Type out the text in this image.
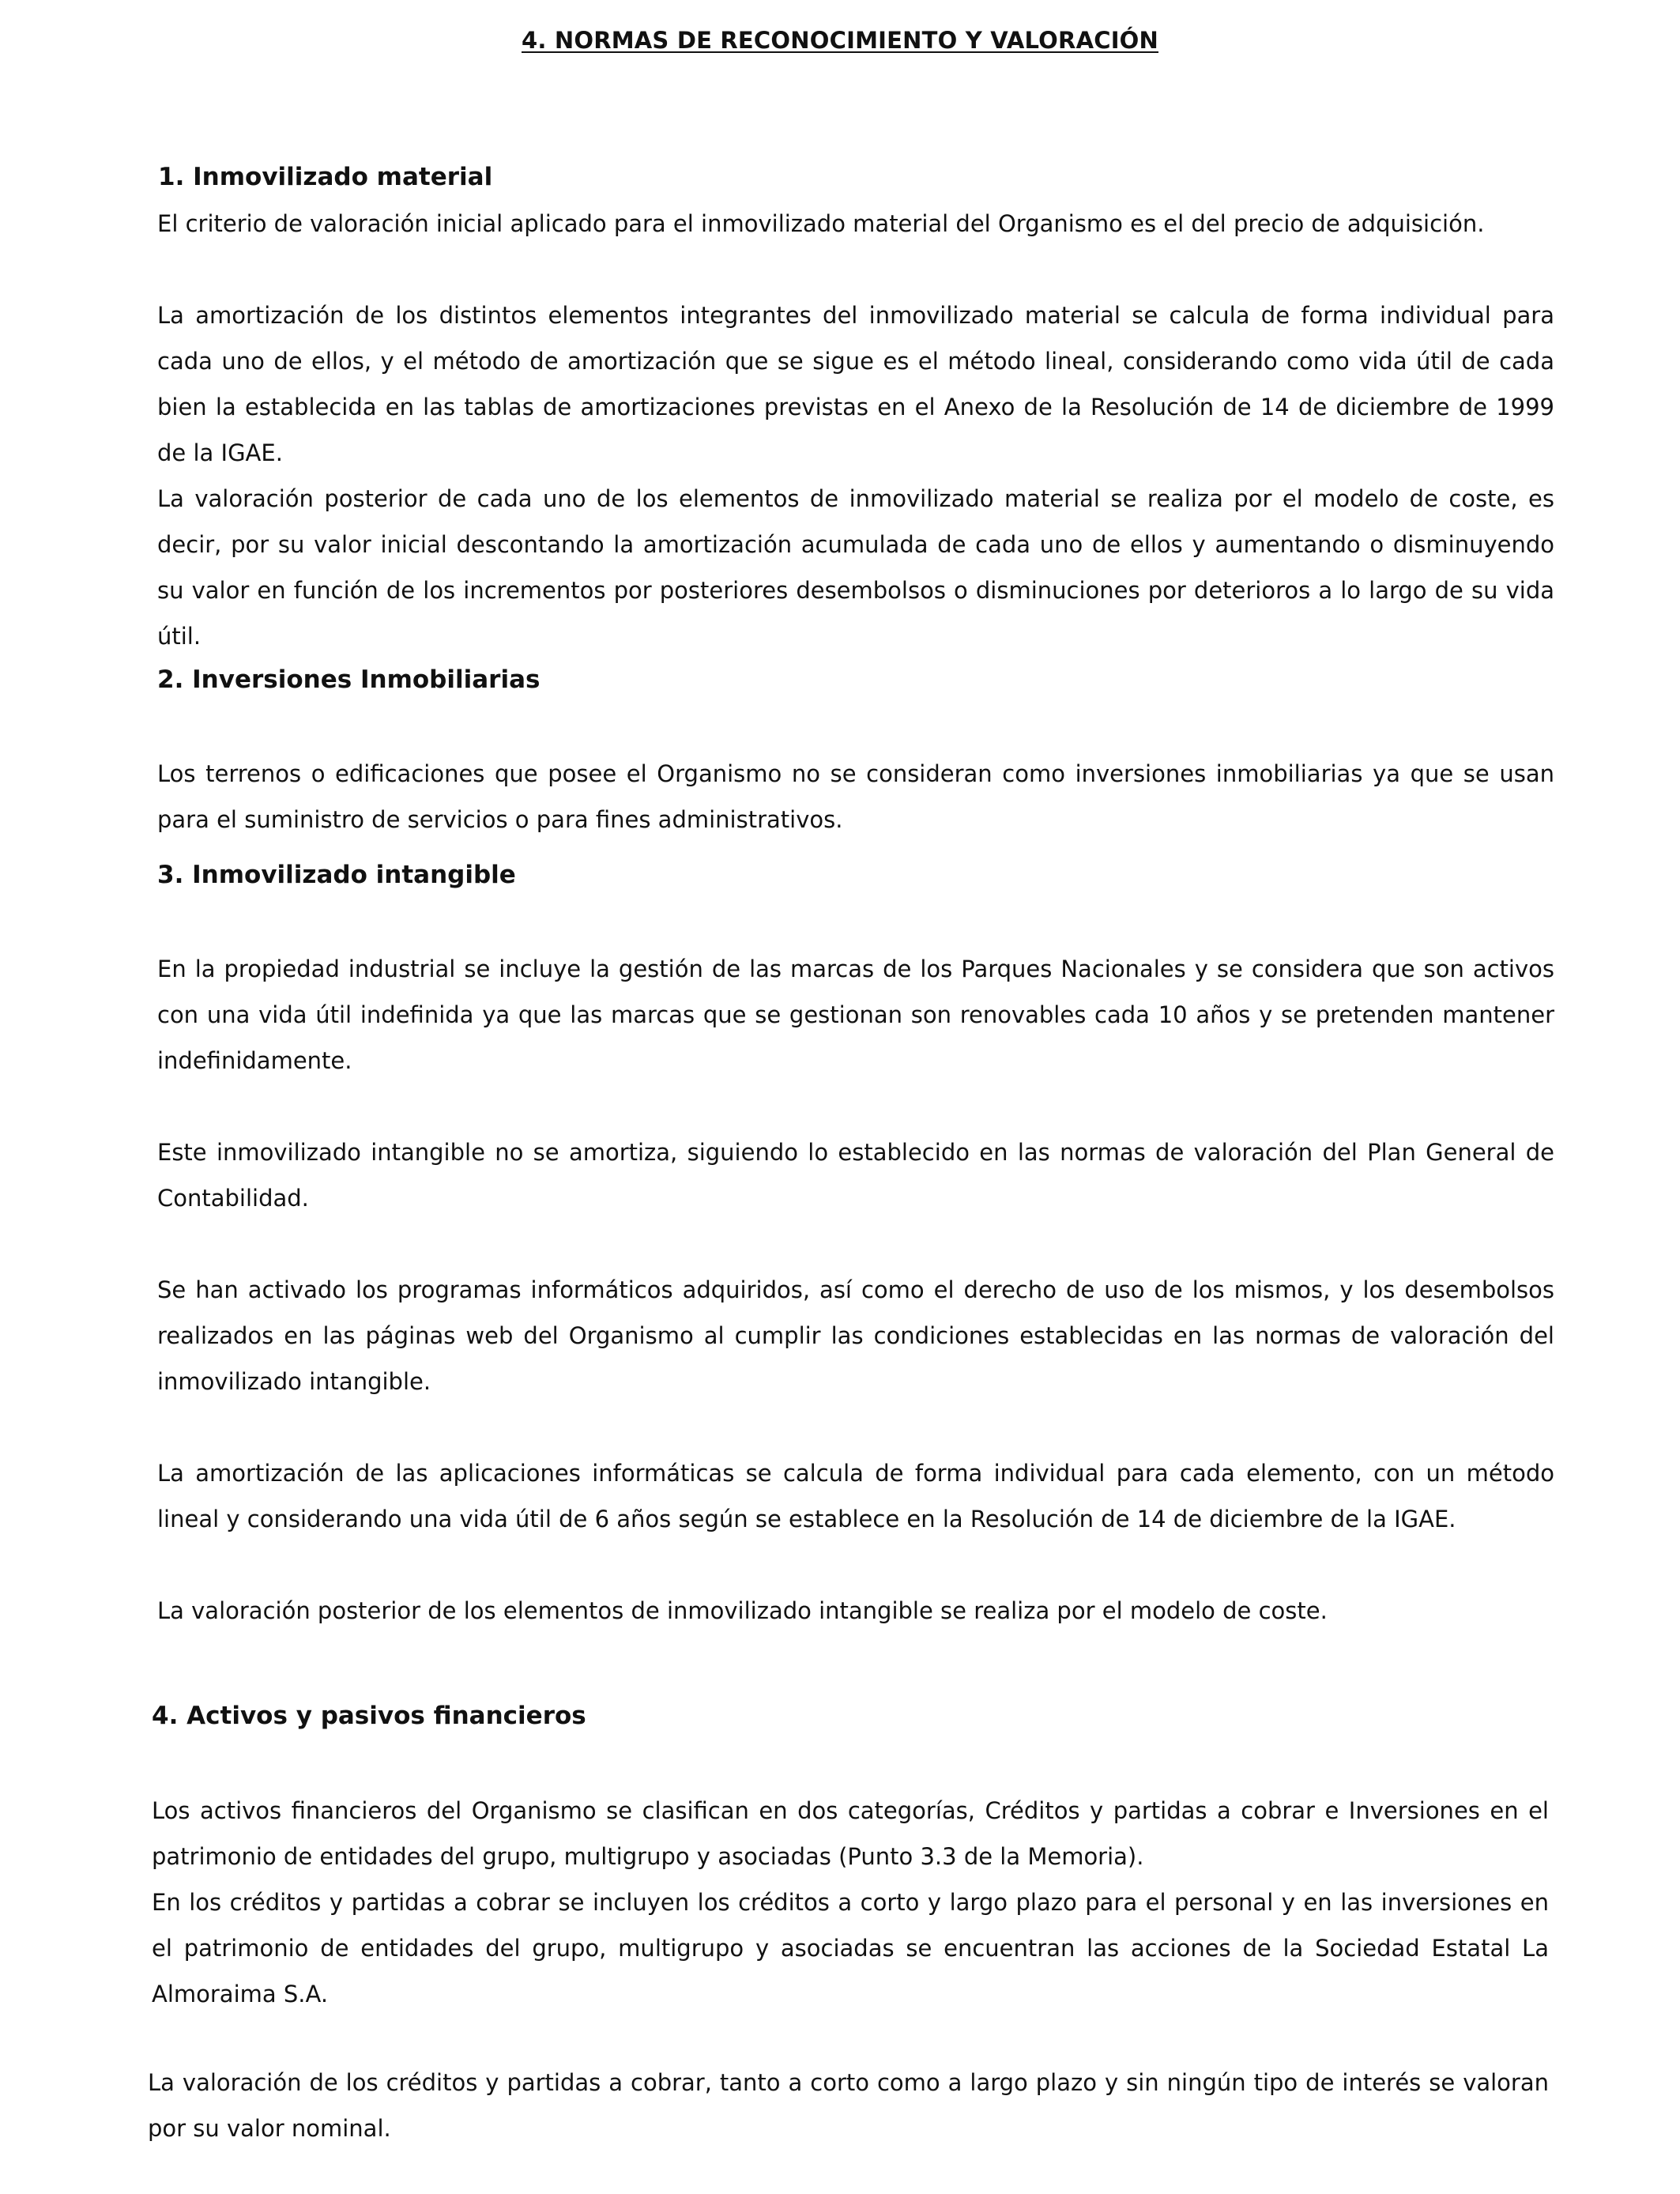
4. NORMAS DE RECONOCIMIENTO Y VALORACIÓN
1. Inmovilizado material

El criterio de valoración inicial aplicado para el inmovilizado material del Organismo es el del precio de adquisición.

La amortización de los distintos elementos integrantes del inmovilizado material se calcula de forma individual para cada uno de ellos, y el método de amortización que se sigue es el método lineal, considerando como vida útil de cada bien la establecida en las tablas de amortizaciones previstas en el Anexo de la Resolución de 14 de diciembre de 1999 de la IGAE.

La valoración posterior de cada uno de los elementos de inmovilizado material se realiza por el modelo de coste, es decir, por su valor inicial descontando la amortización acumulada de cada uno de ellos y aumentando o disminuyendo su valor en función de los incrementos por posteriores desembolsos o disminuciones por deterioros a lo largo de su vida útil.

2. Inversiones Inmobiliarias

Los terrenos o edificaciones que posee el Organismo no se consideran como inversiones inmobiliarias ya que se usan para el suministro de servicios o para fines administrativos.

3. Inmovilizado intangible

En la propiedad industrial se incluye la gestión de las marcas de los Parques Nacionales y se considera que son activos con una vida útil indefinida ya que las marcas que se gestionan son renovables cada 10 años y se pretenden mantener indefinidamente.

Este inmovilizado intangible no se amortiza, siguiendo lo establecido en las normas de valoración del Plan General de Contabilidad.

Se han activado los programas informáticos adquiridos, así como el derecho de uso de los mismos, y los desembolsos realizados en las páginas web del Organismo al cumplir las condiciones establecidas en las normas de valoración del inmovilizado intangible.

La amortización de las aplicaciones informáticas se calcula de forma individual para cada elemento, con un método lineal y considerando una vida útil de 6 años según se establece en la Resolución de 14 de diciembre de la IGAE.

La valoración posterior de los elementos de inmovilizado intangible se realiza por el modelo de coste.

4. Activos y pasivos financieros

Los activos financieros del Organismo se clasifican en dos categorías, Créditos y partidas a cobrar e Inversiones en el patrimonio de entidades del grupo, multigrupo y asociadas (Punto 3.3 de la Memoria).

En los créditos y partidas a cobrar se incluyen los créditos a corto y largo plazo para el personal y en las inversiones en el patrimonio de entidades del grupo, multigrupo y asociadas se encuentran las acciones de la Sociedad Estatal La Almoraima S.A.

La valoración de los créditos y partidas a cobrar, tanto a corto como a largo plazo y sin ningún tipo de interés se valoran por su valor nominal.
